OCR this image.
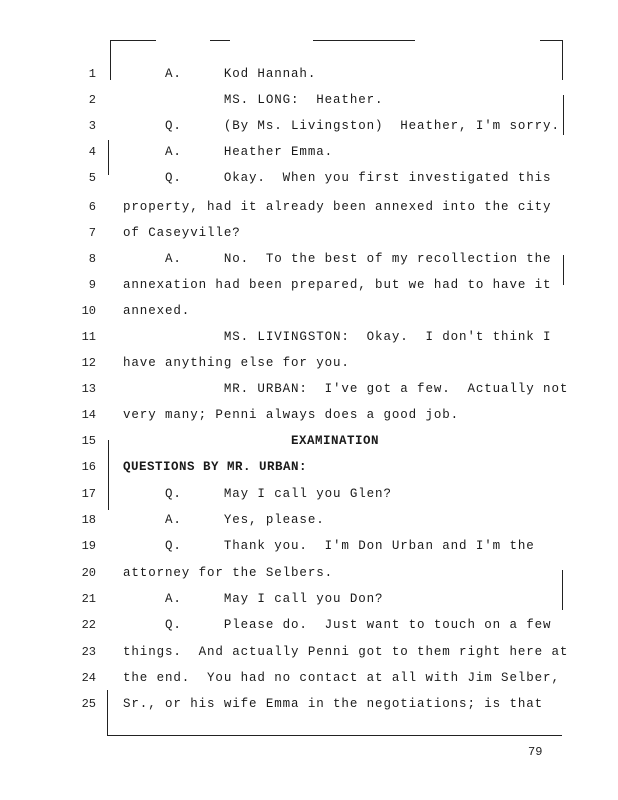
1
2
3
4
5
6
7
8
9
10
11
12
13
14
15
16
17
18
19
20
21
22
23
24
25
A.     Kod Hannah.
MS. LONG:  Heather.
Q.     (By Ms. Livingston)  Heather, I'm sorry.
A.     Heather Emma.
Q.     Okay.  When you first investigated this
property, had it already been annexed into the city
of Caseyville?
A.     No.  To the best of my recollection the
annexation had been prepared, but we had to have it
annexed.
MS. LIVINGSTON:  Okay.  I don't think I
have anything else for you.
MR. URBAN:  I've got a few.  Actually not
very many; Penni always does a good job.
EXAMINATION
QUESTIONS BY MR. URBAN:
Q.     May I call you Glen?
A.     Yes, please.
Q.     Thank you.  I'm Don Urban and I'm the
attorney for the Selbers.
A.     May I call you Don?
Q.     Please do.  Just want to touch on a few
things.  And actually Penni got to them right here at
the end.  You had no contact at all with Jim Selber,
Sr., or his wife Emma in the negotiations; is that
79
